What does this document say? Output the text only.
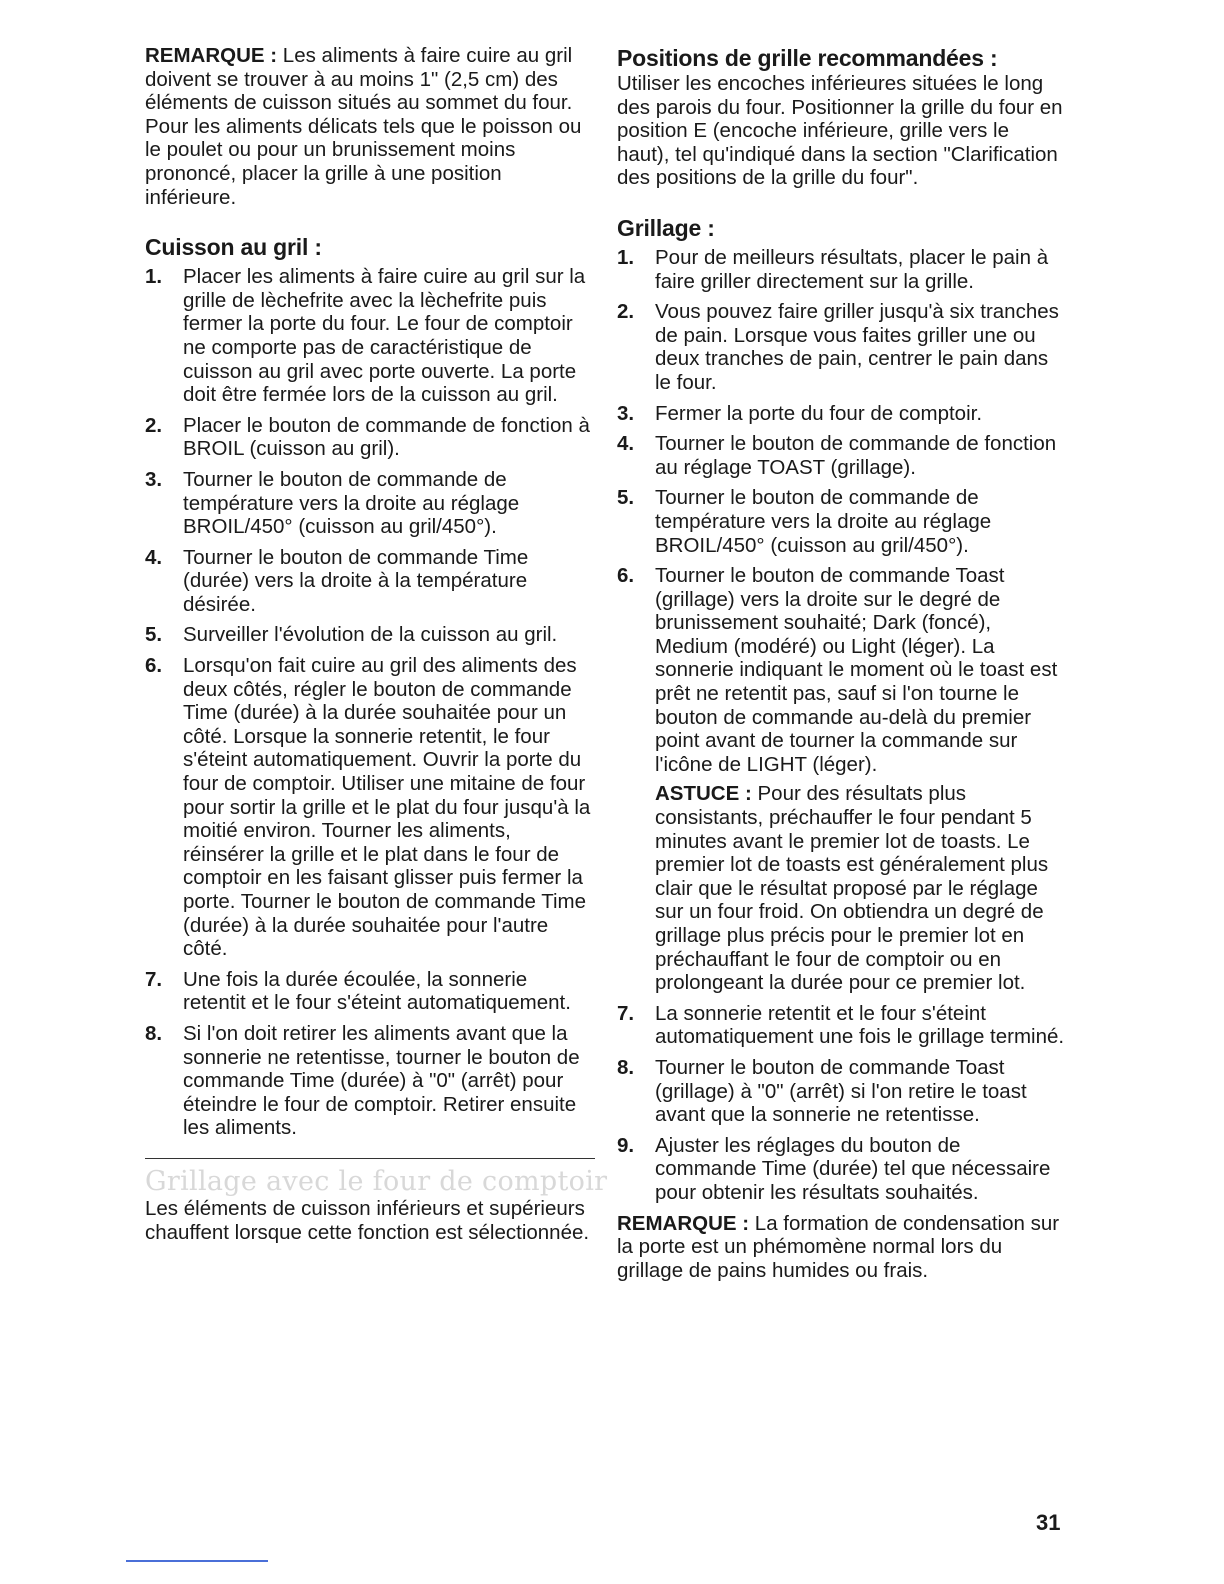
REMARQUE : Les aliments à faire cuire au gril doivent se trouver à au moins 1" (2,5 cm) des éléments de cuisson situés au sommet du four. Pour les aliments délicats tels que le poisson ou le poulet ou pour un brunissement moins prononcé, placer la grille à une position inférieure.

Cuisson au gril :
1. Placer les aliments à faire cuire au gril sur la grille de lèchefrite avec la lèchefrite puis fermer la porte du four. Le four de comptoir ne comporte pas de caractéristique de cuisson au gril avec porte ouverte. La porte doit être fermée lors de la cuisson au gril.
2. Placer le bouton de commande de fonction à BROIL (cuisson au gril).
3. Tourner le bouton de commande de température vers la droite au réglage BROIL/450° (cuisson au gril/450°).
4. Tourner le bouton de commande Time (durée) vers la droite à la température désirée.
5. Surveiller l'évolution de la cuisson au gril.
6. Lorsqu'on fait cuire au gril des aliments des deux côtés, régler le bouton de commande Time (durée) à la durée souhaitée pour un côté. Lorsque la sonnerie retentit, le four s'éteint automatiquement. Ouvrir la porte du four de comptoir. Utiliser une mitaine de four pour sortir la grille et le plat du four jusqu'à la moitié environ. Tourner les aliments, réinsérer la grille et le plat dans le four de comptoir en les faisant glisser puis fermer la porte. Tourner le bouton de commande Time (durée) à la durée souhaitée pour l'autre côté.
7. Une fois la durée écoulée, la sonnerie retentit et le four s'éteint automatiquement.
8. Si l'on doit retirer les aliments avant que la sonnerie ne retentisse, tourner le bouton de commande Time (durée) à "0" (arrêt) pour éteindre le four de comptoir. Retirer ensuite les aliments.

Grillage avec le four de comptoir

Les éléments de cuisson inférieurs et supérieurs chauffent lorsque cette fonction est sélectionnée.

Positions de grille recommandées :

Utiliser les encoches inférieures situées le long des parois du four. Positionner la grille du four en position E (encoche inférieure, grille vers le haut), tel qu'indiqué dans la section "Clarification des positions de la grille du four".

Grillage :
1. Pour de meilleurs résultats, placer le pain à faire griller directement sur la grille.
2. Vous pouvez faire griller jusqu'à six tranches de pain. Lorsque vous faites griller une ou deux tranches de pain, centrer le pain dans le four.
3. Fermer la porte du four de comptoir.
4. Tourner le bouton de commande de fonction au réglage TOAST (grillage).
5. Tourner le bouton de commande de température vers la droite au réglage BROIL/450° (cuisson au gril/450°).
6. Tourner le bouton de commande Toast (grillage) vers la droite sur le degré de brunissement souhaité; Dark (foncé), Medium (modéré) ou Light (léger). La sonnerie indiquant le moment où le toast est prêt ne retentit pas, sauf si l'on tourne le bouton de commande au-delà du premier point avant de tourner la commande sur l'icône de LIGHT (léger).

ASTUCE : Pour des résultats plus consistants, préchauffer le four pendant 5 minutes avant le premier lot de toasts. Le premier lot de toasts est généralement plus clair que le résultat proposé par le réglage sur un four froid. On obtiendra un degré de grillage plus précis pour le premier lot en préchauffant le four de comptoir ou en prolongeant la durée pour ce premier lot.

7. La sonnerie retentit et le four s'éteint automatiquement une fois le grillage terminé.
8. Tourner le bouton de commande Toast (grillage) à "0" (arrêt) si l'on retire le toast avant que la sonnerie ne retentisse.
9. Ajuster les réglages du bouton de commande Time (durée) tel que nécessaire pour obtenir les résultats souhaités.

REMARQUE : La formation de condensation sur la porte est un phémomène normal lors du grillage de pains humides ou frais.

31
